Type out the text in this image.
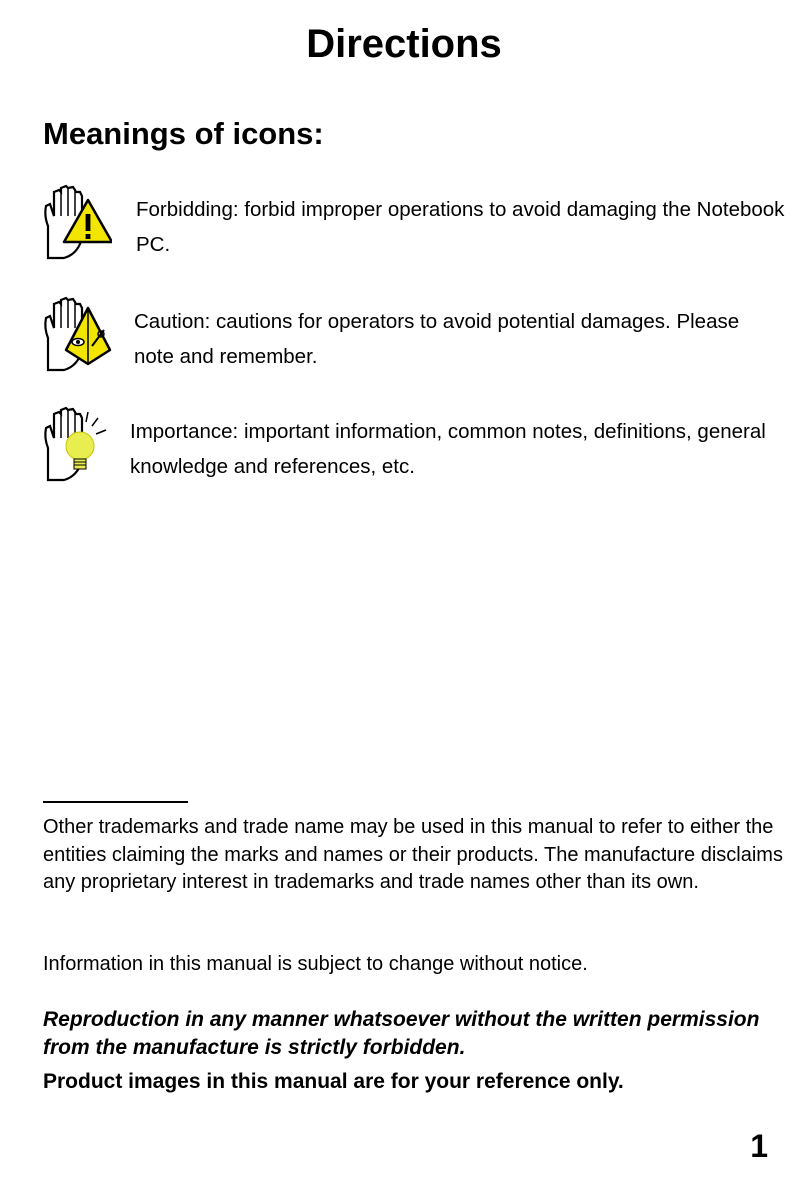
Directions
Meanings of icons:
Forbidding: forbid improper operations to avoid damaging the Notebook PC.
Caution: cautions for operators to avoid potential damages. Please note and remember.
Importance: important information, common notes, definitions, general knowledge and references, etc.
Other trademarks and trade name may be used in this manual to refer to either the entities claiming the marks and names or their products. The manufacture disclaims any proprietary interest in trademarks and trade names other than its own.
Information in this manual is subject to change without notice.
Reproduction in any manner whatsoever without the written permission from the manufacture is strictly forbidden.
Product images in this manual are for your reference only.
1
